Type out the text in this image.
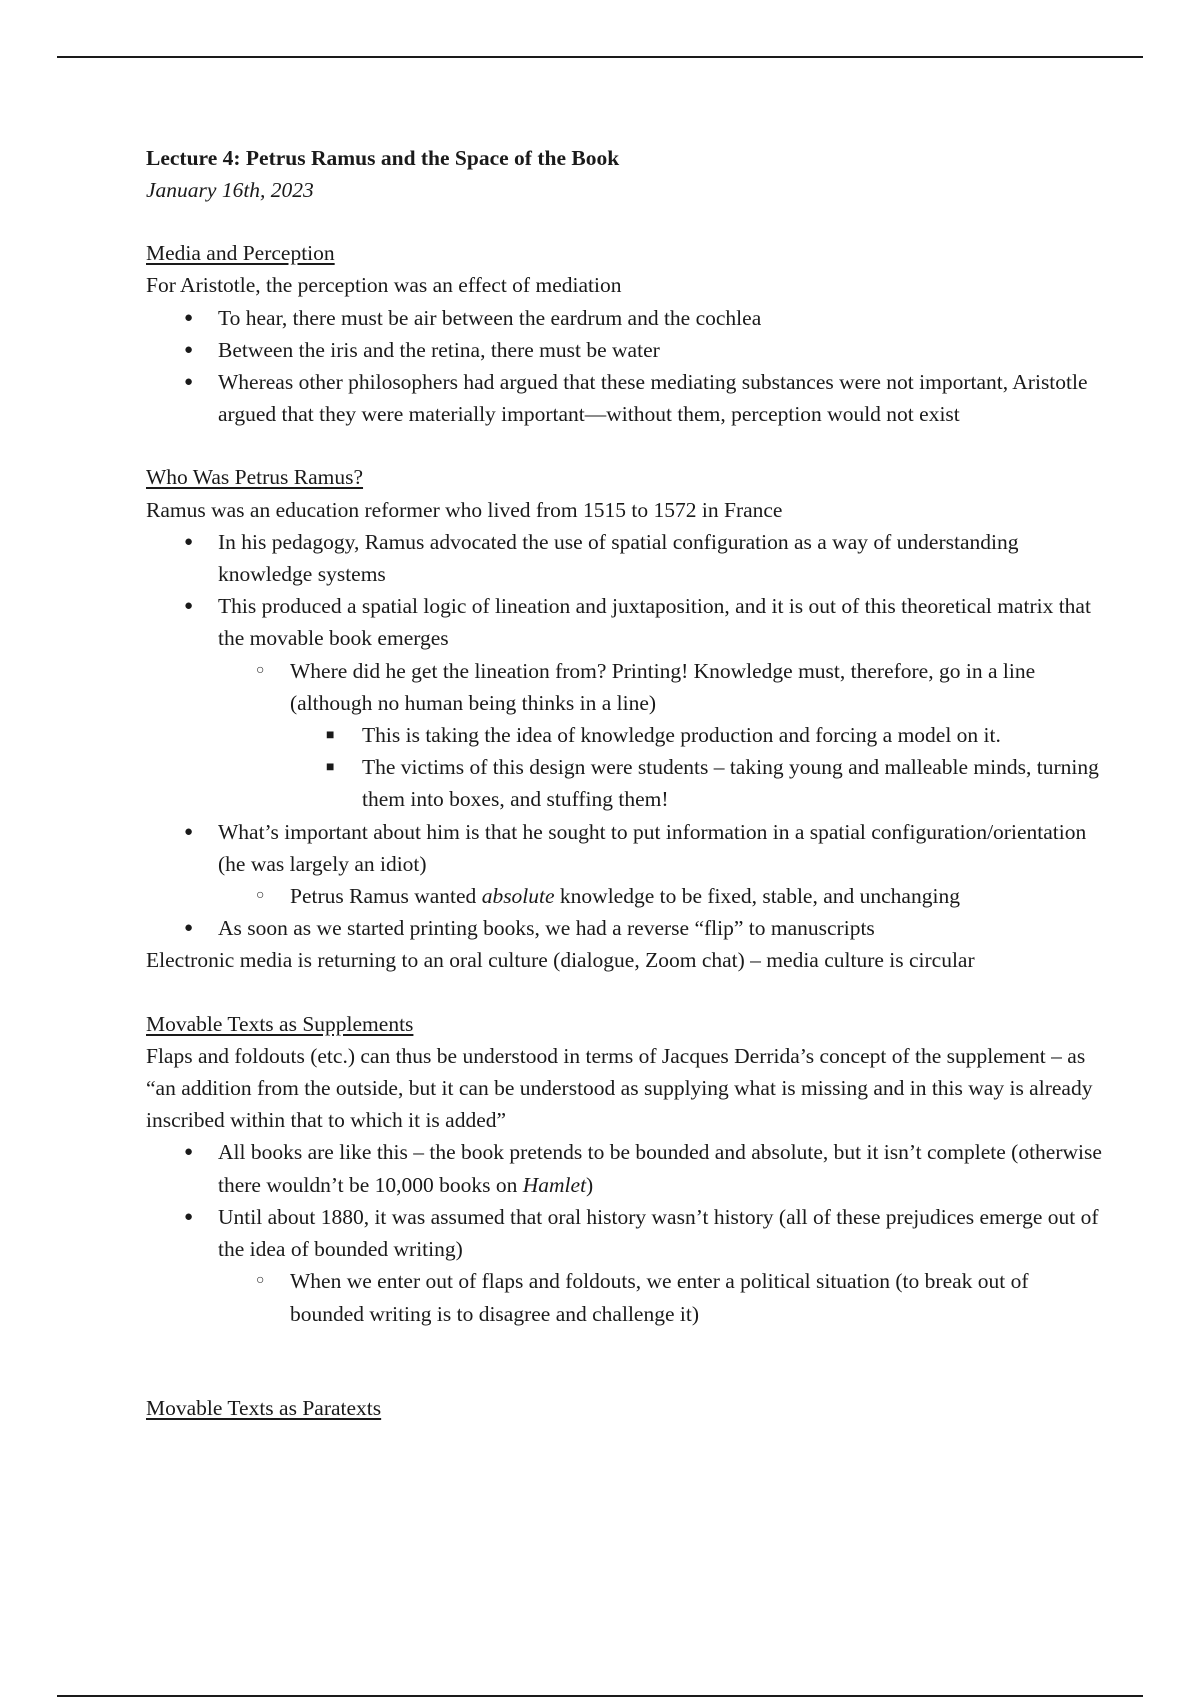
Lecture 4: Petrus Ramus and the Space of the Book

January 16th, 2023

Media and Perception

For Aristotle, the perception was an effect of mediation

● To hear, there must be air between the eardrum and the cochlea
● Between the iris and the retina, there must be water
● Whereas other philosophers had argued that these mediating substances were not important, Aristotle argued that they were materially important—without them, perception would not exist

Who Was Petrus Ramus?

Ramus was an education reformer who lived from 1515 to 1572 in France

● In his pedagogy, Ramus advocated the use of spatial configuration as a way of understanding knowledge systems
● This produced a spatial logic of lineation and juxtaposition, and it is out of this theoretical matrix that the movable book emerges
○ Where did he get the lineation from? Printing! Knowledge must, therefore, go in a line (although no human being thinks in a line)
■ This is taking the idea of knowledge production and forcing a model on it.
■ The victims of this design were students – taking young and malleable minds, turning them into boxes, and stuffing them!
● What’s important about him is that he sought to put information in a spatial configuration/orientation (he was largely an idiot)
○ Petrus Ramus wanted absolute knowledge to be fixed, stable, and unchanging
● As soon as we started printing books, we had a reverse “flip” to manuscripts

Electronic media is returning to an oral culture (dialogue, Zoom chat) – media culture is circular

Movable Texts as Supplements

Flaps and foldouts (etc.) can thus be understood in terms of Jacques Derrida’s concept of the supplement – as “an addition from the outside, but it can be understood as supplying what is missing and in this way is already inscribed within that to which it is added”

● All books are like this – the book pretends to be bounded and absolute, but it isn’t complete (otherwise there wouldn’t be 10,000 books on Hamlet)
● Until about 1880, it was assumed that oral history wasn’t history (all of these prejudices emerge out of the idea of bounded writing)
○ When we enter out of flaps and foldouts, we enter a political situation (to break out of bounded writing is to disagree and challenge it)

Movable Texts as Paratexts
